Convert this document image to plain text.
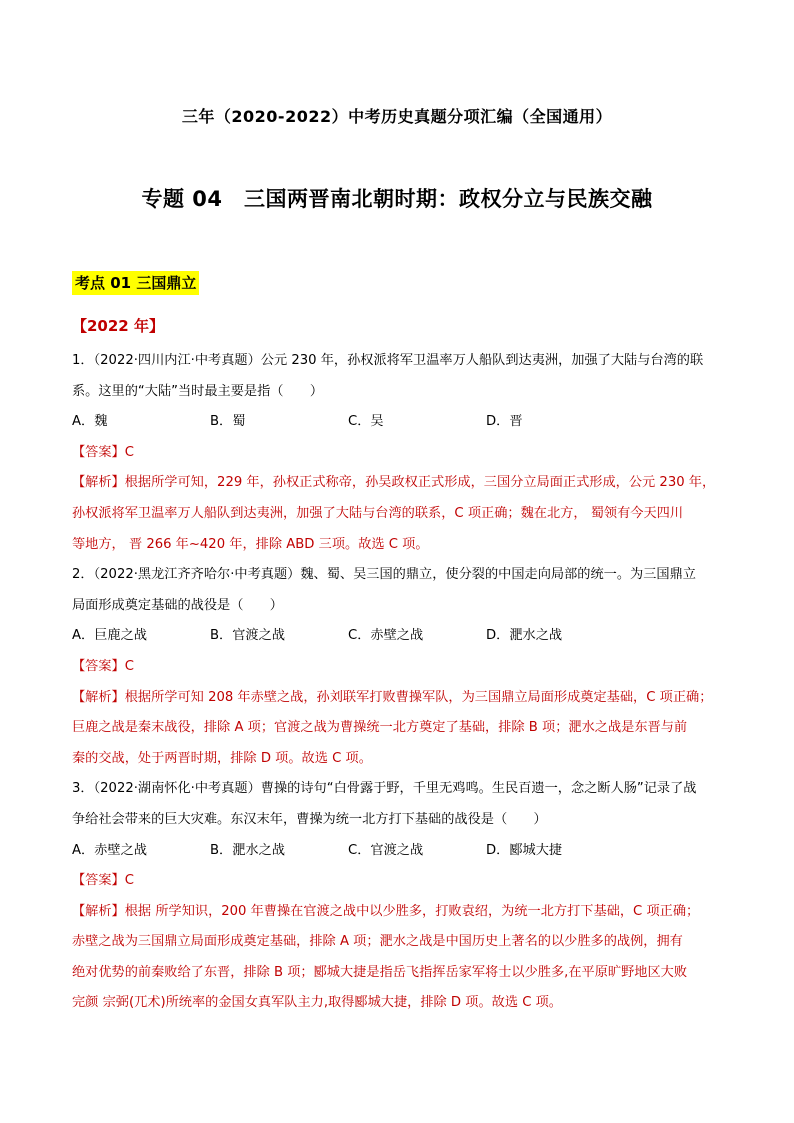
三年（2020-2022）中考历史真题分项汇编（全国通用）
专题 04　三国两晋南北朝时期：政权分立与民族交融
考点 01 三国鼎立
【2022 年】
1．（2022·四川内江·中考真题）公元 230 年，孙权派将军卫温率万人船队到达夷洲，加强了大陆与台湾的联
系。这里的“大陆”当时最主要是指（　　）
A．魏	B．蜀	C．吴	D．晋
【答案】C
【解析】根据所学可知，229 年，孙权正式称帝，孙吴政权正式形成，三国分立局面正式形成，公元 230 年，
孙权派将军卫温率万人船队到达夷洲，加强了大陆与台湾的联系，C 项正确；魏在北方， 蜀领有今天四川
等地方， 晋 266 年~420 年，排除 ABD 三项。故选 C 项。
2．（2022·黑龙江齐齐哈尔·中考真题）魏、蜀、吴三国的鼎立，使分裂的中国走向局部的统一。为三国鼎立
局面形成奠定基础的战役是（　　）
A．巨鹿之战	B．官渡之战	C．赤壁之战	D．淝水之战
【答案】C
【解析】根据所学可知 208 年赤壁之战，孙刘联军打败曹操军队，为三国鼎立局面形成奠定基础，C 项正确；
巨鹿之战是秦末战役，排除 A 项；官渡之战为曹操统一北方奠定了基础，排除 B 项；淝水之战是东晋与前
秦的交战，处于两晋时期，排除 D 项。故选 C 项。
3．（2022·湖南怀化·中考真题）曹操的诗句“白骨露于野，千里无鸡鸣。生民百遗一，念之断人肠”记录了战
争给社会带来的巨大灾难。东汉末年，曹操为统一北方打下基础的战役是（　　）
A．赤壁之战	B．淝水之战	C．官渡之战	D．郾城大捷
【答案】C
【解析】根据 所学知识，200 年曹操在官渡之战中以少胜多，打败袁绍，为统一北方打下基础，C 项正确；
赤壁之战为三国鼎立局面形成奠定基础，排除 A 项；淝水之战是中国历史上著名的以少胜多的战例，拥有
绝对优势的前秦败给了东晋，排除 B 项；郾城大捷是指岳飞指挥岳家军将士以少胜多,在平原旷野地区大败
完颜 宗弼(兀术)所统率的金国女真军队主力,取得郾城大捷，排除 D 项。故选 C 项。
